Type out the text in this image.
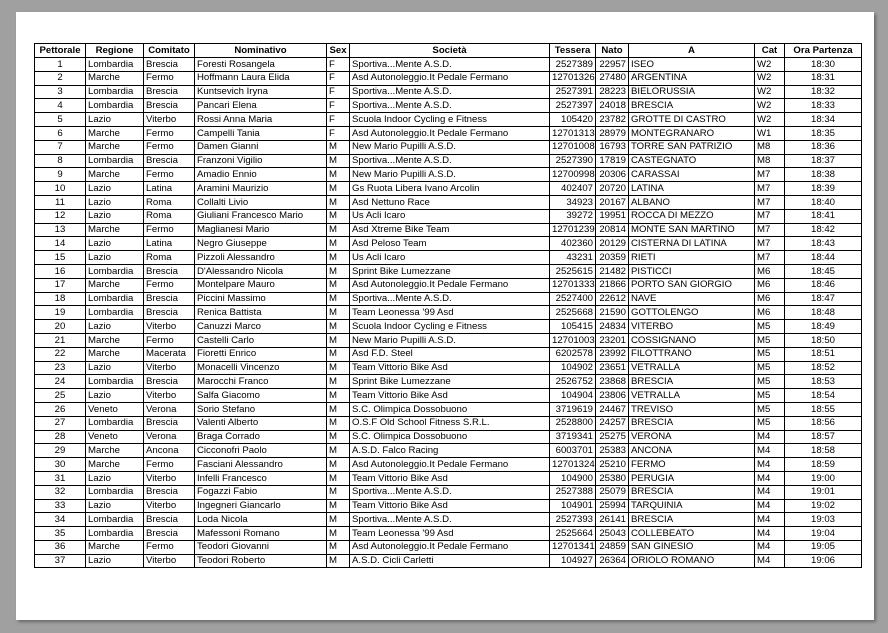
Pettorale	Regione	Comitato	Nominativo	Sex	Società	Tessera	Nato	A	Cat	Ora Partenza
1	Lombardia	Brescia	Foresti Rosangela	F	Sportiva...Mente A.S.D.	2527389	22957	ISEO	W2	18:30
2	Marche	Fermo	Hoffmann Laura Elida	F	Asd Autonoleggio.It Pedale Fermano	12701326	27480	ARGENTINA	W2	18:31
3	Lombardia	Brescia	Kuntsevich Iryna	F	Sportiva...Mente A.S.D.	2527391	28223	BIELORUSSIA	W2	18:32
4	Lombardia	Brescia	Pancari Elena	F	Sportiva...Mente A.S.D.	2527397	24018	BRESCIA	W2	18:33
5	Lazio	Viterbo	Rossi Anna Maria	F	Scuola Indoor Cycling e Fitness	105420	23782	GROTTE DI CASTRO	W2	18:34
6	Marche	Fermo	Campelli Tania	F	Asd Autonoleggio.It Pedale Fermano	12701313	28979	MONTEGRANARO	W1	18:35
7	Marche	Fermo	Damen Gianni	M	New Mario Pupilli A.S.D.	12701008	16793	TORRE SAN PATRIZIO	M8	18:36
8	Lombardia	Brescia	Franzoni Vigilio	M	Sportiva...Mente A.S.D.	2527390	17819	CASTEGNATO	M8	18:37
9	Marche	Fermo	Amadio Ennio	M	New Mario Pupilli A.S.D.	12700998	20306	CARASSAI	M7	18:38
10	Lazio	Latina	Aramini Maurizio	M	Gs Ruota Libera Ivano Arcolin	402407	20720	LATINA	M7	18:39
11	Lazio	Roma	Collalti Livio	M	Asd Nettuno Race	34923	20167	ALBANO	M7	18:40
12	Lazio	Roma	Giuliani Francesco Mario	M	Us Acli Icaro	39272	19951	ROCCA DI MEZZO	M7	18:41
13	Marche	Fermo	Maglianesi Mario	M	Asd Xtreme Bike Team	12701239	20814	MONTE SAN MARTINO	M7	18:42
14	Lazio	Latina	Negro Giuseppe	M	Asd Peloso Team	402360	20129	CISTERNA DI LATINA	M7	18:43
15	Lazio	Roma	Pizzoli Alessandro	M	Us Acli Icaro	43231	20359	RIETI	M7	18:44
16	Lombardia	Brescia	D'Alessandro Nicola	M	Sprint Bike Lumezzane	2525615	21482	PISTICCI	M6	18:45
17	Marche	Fermo	Montelpare Mauro	M	Asd Autonoleggio.It Pedale Fermano	12701333	21866	PORTO SAN GIORGIO	M6	18:46
18	Lombardia	Brescia	Piccini Massimo	M	Sportiva...Mente A.S.D.	2527400	22612	NAVE	M6	18:47
19	Lombardia	Brescia	Renica Battista	M	Team Leonessa '99 Asd	2525668	21590	GOTTOLENGO	M6	18:48
20	Lazio	Viterbo	Canuzzi Marco	M	Scuola Indoor Cycling e Fitness	105415	24834	VITERBO	M5	18:49
21	Marche	Fermo	Castelli Carlo	M	New Mario Pupilli A.S.D.	12701003	23201	COSSIGNANO	M5	18:50
22	Marche	Macerata	Fioretti Enrico	M	Asd F.D. Steel	6202578	23992	FILOTTRANO	M5	18:51
23	Lazio	Viterbo	Monacelli Vincenzo	M	Team Vittorio Bike Asd	104902	23651	VETRALLA	M5	18:52
24	Lombardia	Brescia	Marocchi Franco	M	Sprint Bike Lumezzane	2526752	23868	BRESCIA	M5	18:53
25	Lazio	Viterbo	Salfa Giacomo	M	Team Vittorio Bike Asd	104904	23806	VETRALLA	M5	18:54
26	Veneto	Verona	Sorio Stefano	M	S.C. Olimpica Dossobuono	3719619	24467	TREVISO	M5	18:55
27	Lombardia	Brescia	Valenti Alberto	M	O.S.F Old School Fitness S.R.L.	2528800	24257	BRESCIA	M5	18:56
28	Veneto	Verona	Braga Corrado	M	S.C. Olimpica Dossobuono	3719341	25275	VERONA	M4	18:57
29	Marche	Ancona	Cicconofri Paolo	M	A.S.D. Falco Racing	6003701	25383	ANCONA	M4	18:58
30	Marche	Fermo	Fasciani Alessandro	M	Asd Autonoleggio.It Pedale Fermano	12701324	25210	FERMO	M4	18:59
31	Lazio	Viterbo	Infelli Francesco	M	Team Vittorio Bike Asd	104900	25380	PERUGIA	M4	19:00
32	Lombardia	Brescia	Fogazzi Fabio	M	Sportiva...Mente A.S.D.	2527388	25079	BRESCIA	M4	19:01
33	Lazio	Viterbo	Ingegneri Giancarlo	M	Team Vittorio Bike Asd	104901	25994	TARQUINIA	M4	19:02
34	Lombardia	Brescia	Loda Nicola	M	Sportiva...Mente A.S.D.	2527393	26141	BRESCIA	M4	19:03
35	Lombardia	Brescia	Mafessoni Romano	M	Team Leonessa '99 Asd	2525664	25043	COLLEBEATO	M4	19:04
36	Marche	Fermo	Teodori Giovanni	M	Asd Autonoleggio.It Pedale Fermano	12701341	24859	SAN GINESIO	M4	19:05
37	Lazio	Viterbo	Teodori Roberto	M	A.S.D. Cicli Carletti	104927	26364	ORIOLO ROMANO	M4	19:06
